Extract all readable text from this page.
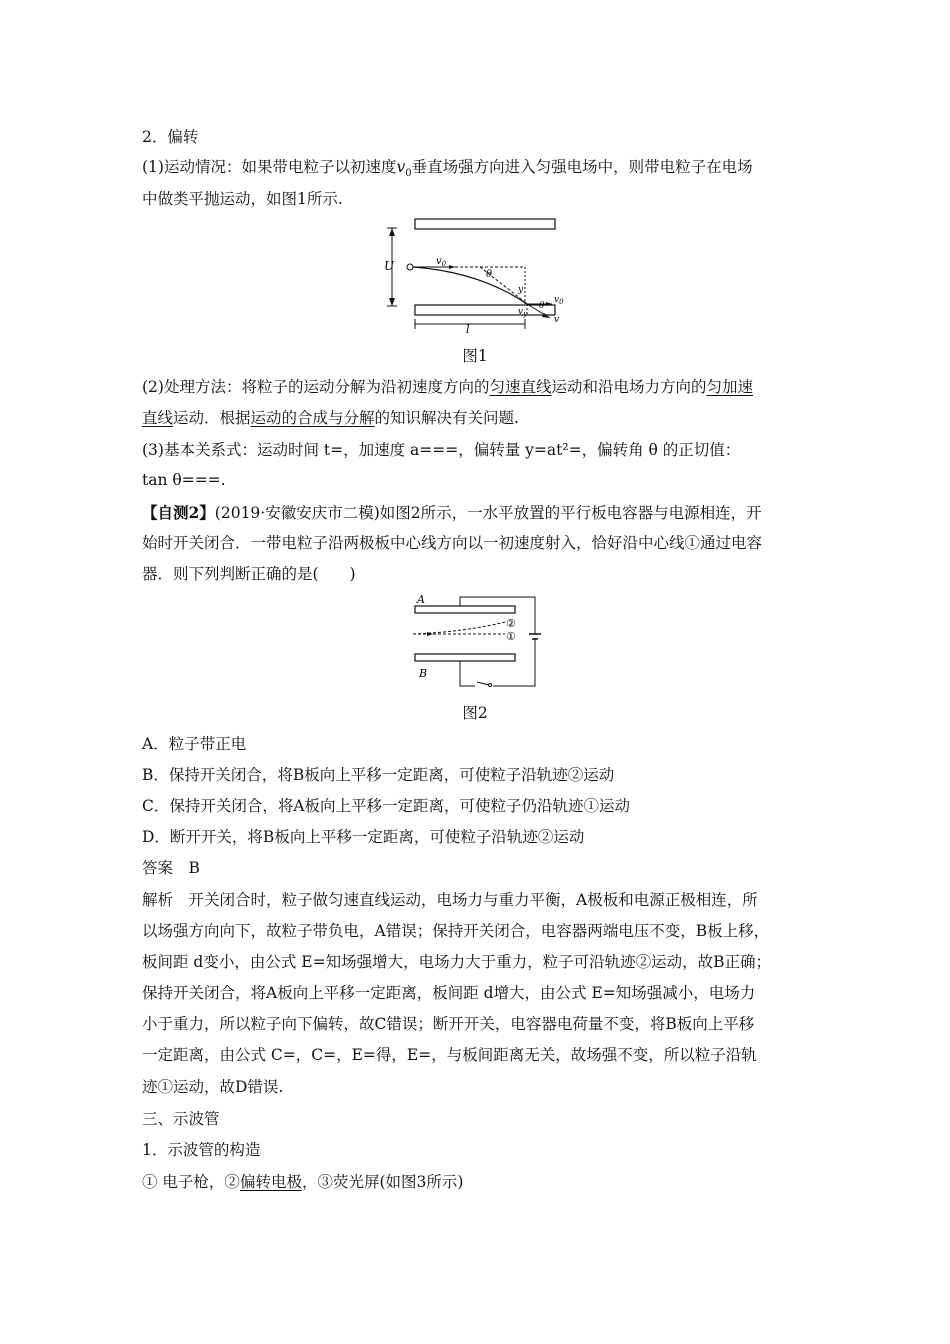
2．偏转
(1)运动情况：如果带电粒子以初速度$v_0$垂直场强方向进入匀强电场中，则带电粒子在电场
中做类平抛运动，如图1所示.
U	$v_0$
θ
y
θ
$v_0$
$v_y$
v
l
图1
(2)处理方法：将粒子的运动分解为沿初速度方向的匀速直线运动和沿电场力方向的匀加速
直线运动．根据运动的合成与分解的知识解决有关问题.
(3)基本关系式：运动时间 t=，加速度 a===，偏转量 y=at²=，偏转角 θ 的正切值：
tan θ===.
【自测2】(2019·安徽安庆市二模)如图2所示，一水平放置的平行板电容器与电源相连，开
始时开关闭合．一带电粒子沿两极板中心线方向以一初速度射入，恰好沿中心线①通过电容
器．则下列判断正确的是(　　)
A
B
②
①
图2
A．粒子带正电
B．保持开关闭合，将B板向上平移一定距离，可使粒子沿轨迹②运动
C．保持开关闭合，将A板向上平移一定距离，可使粒子仍沿轨迹①运动
D．断开开关，将B板向上平移一定距离，可使粒子沿轨迹②运动
答案　B
解析　开关闭合时，粒子做匀速直线运动，电场力与重力平衡，A极板和电源正极相连，所
以场强方向向下，故粒子带负电，A错误；保持开关闭合，电容器两端电压不变，B板上移，
板间距 d变小，由公式 E=知场强增大，电场力大于重力，粒子可沿轨迹②运动，故B正确；
保持开关闭合，将A板向上平移一定距离，板间距 d增大，由公式 E=知场强减小，电场力
小于重力，所以粒子向下偏转，故C错误；断开开关，电容器电荷量不变，将B板向上平移
一定距离，由公式 C=，C=，E=得，E=，与板间距离无关，故场强不变，所以粒子沿轨
迹①运动，故D错误.
三、示波管
1．示波管的构造
① 电子枪，②偏转电极，③荧光屏(如图3所示)
